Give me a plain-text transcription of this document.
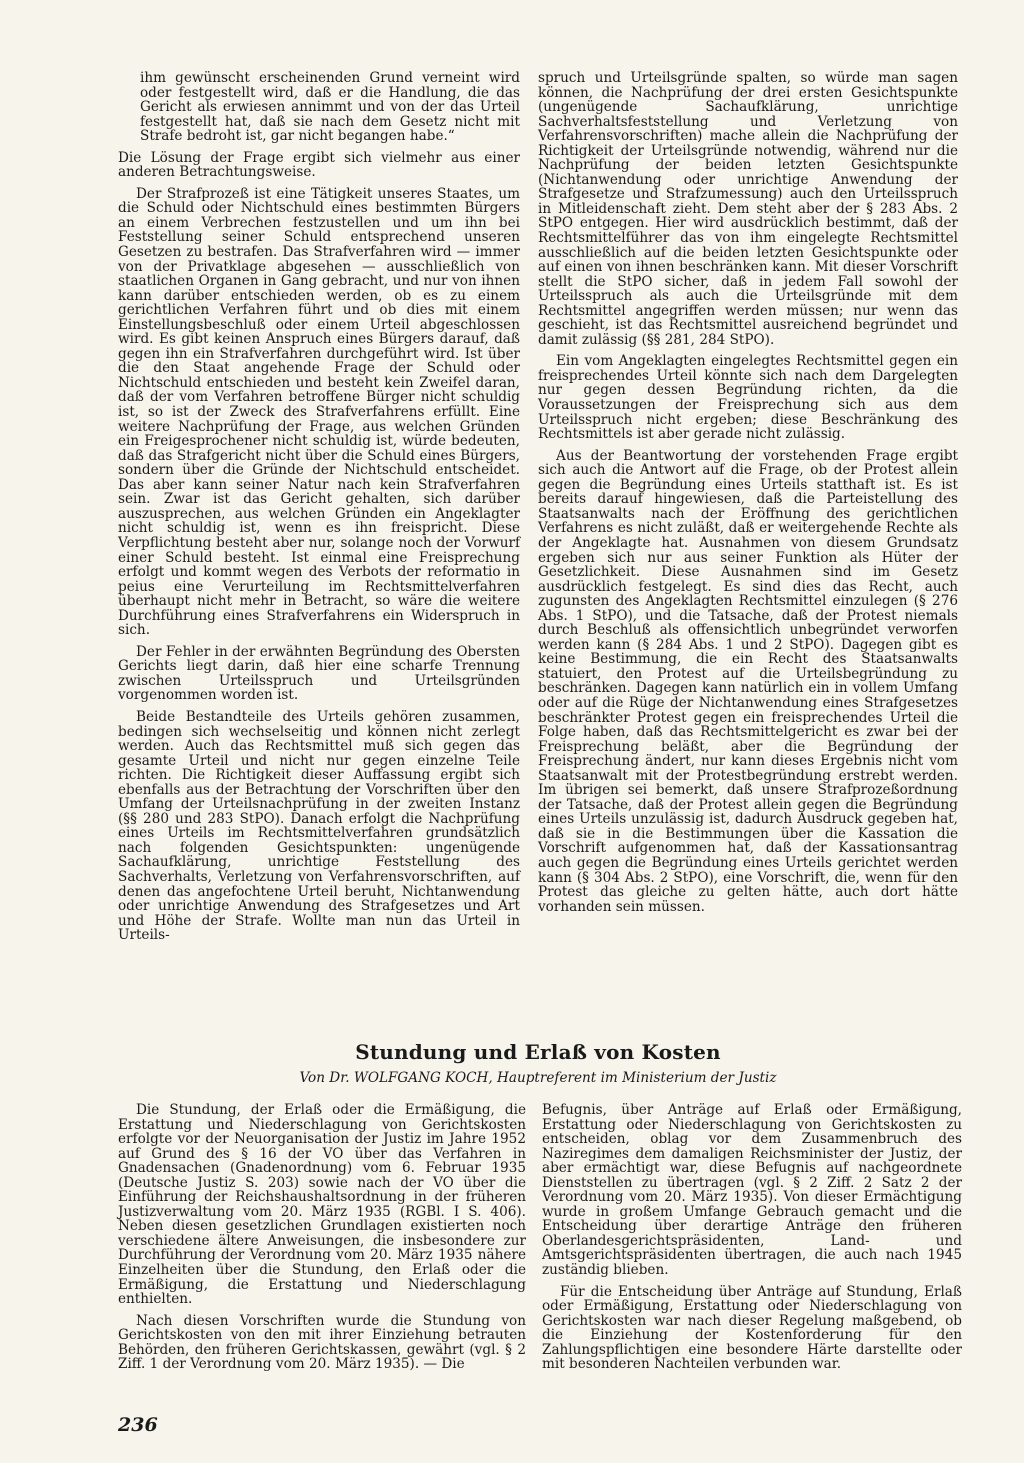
ihm gewünscht erscheinenden Grund verneint wird oder festgestellt wird, daß er die Handlung, die das Gericht als erwiesen annimmt und von der das Urteil festgestellt hat, daß sie nach dem Gesetz nicht mit Strafe bedroht ist, gar nicht begangen habe.“

Die Lösung der Frage ergibt sich vielmehr aus einer anderen Betrachtungsweise.

Der Strafprozeß ist eine Tätigkeit unseres Staates, um die Schuld oder Nichtschuld eines bestimmten Bürgers an einem Verbrechen festzustellen und um ihn bei Feststellung seiner Schuld entsprechend unseren Gesetzen zu bestrafen. Das Strafverfahren wird — immer von der Privatklage abgesehen — ausschließlich von staatlichen Organen in Gang gebracht, und nur von ihnen kann darüber entschieden werden, ob es zu einem gerichtlichen Verfahren führt und ob dies mit einem Einstellungsbeschluß oder einem Urteil abgeschlossen wird. Es gibt keinen Anspruch eines Bürgers darauf, daß gegen ihn ein Strafverfahren durchgeführt wird. Ist über die den Staat angehende Frage der Schuld oder Nichtschuld entschieden und besteht kein Zweifel daran, daß der vom Verfahren betroffene Bürger nicht schuldig ist, so ist der Zweck des Strafverfahrens erfüllt. Eine weitere Nachprüfung der Frage, aus welchen Gründen ein Freigesprochener nicht schuldig ist, würde bedeuten, daß das Strafgericht nicht über die Schuld eines Bürgers, sondern über die Gründe der Nichtschuld entscheidet. Das aber kann seiner Natur nach kein Strafverfahren sein. Zwar ist das Gericht gehalten, sich darüber auszusprechen, aus welchen Gründen ein Angeklagter nicht schuldig ist, wenn es ihn freispricht. Diese Verpflichtung besteht aber nur, solange noch der Vorwurf einer Schuld besteht. Ist einmal eine Freisprechung erfolgt und kommt wegen des Verbots der reformatio in peius eine Verurteilung im Rechtsmittelverfahren überhaupt nicht mehr in Betracht, so wäre die weitere Durchführung eines Strafverfahrens ein Widerspruch in sich.

Der Fehler in der erwähnten Begründung des Obersten Gerichts liegt darin, daß hier eine scharfe Trennung zwischen Urteilsspruch und Urteilsgründen vorgenommen worden ist.

Beide Bestandteile des Urteils gehören zusammen, bedingen sich wechselseitig und können nicht zerlegt werden. Auch das Rechtsmittel muß sich gegen das gesamte Urteil und nicht nur gegen einzelne Teile richten. Die Richtigkeit dieser Auffassung ergibt sich ebenfalls aus der Betrachtung der Vorschriften über den Umfang der Urteilsnachprüfung in der zweiten Instanz (§§ 280 und 283 StPO). Danach erfolgt die Nachprüfung eines Urteils im Rechtsmittelverfahren grundsätzlich nach folgenden Gesichtspunkten: ungenügende Sachaufklärung, unrichtige Feststellung des Sachverhalts, Verletzung von Verfahrensvorschriften, auf denen das angefochtene Urteil beruht, Nichtanwendung oder unrichtige Anwendung des Strafgesetzes und Art und Höhe der Strafe. Wollte man nun das Urteil in Urteils-

spruch und Urteilsgründe spalten, so würde man sagen können, die Nachprüfung der drei ersten Gesichtspunkte (ungenügende Sachaufklärung, unrichtige Sachverhaltsfeststellung und Verletzung von Verfahrensvorschriften) mache allein die Nachprüfung der Richtigkeit der Urteilsgründe notwendig, während nur die Nachprüfung der beiden letzten Gesichtspunkte (Nichtanwendung oder unrichtige Anwendung der Strafgesetze und Strafzumessung) auch den Urteilsspruch in Mitleidenschaft zieht. Dem steht aber der § 283 Abs. 2 StPO entgegen. Hier wird ausdrücklich bestimmt, daß der Rechtsmittelführer das von ihm eingelegte Rechtsmittel ausschließlich auf die beiden letzten Gesichtspunkte oder auf einen von ihnen beschränken kann. Mit dieser Vorschrift stellt die StPO sicher, daß in jedem Fall sowohl der Urteilsspruch als auch die Urteilsgründe mit dem Rechtsmittel angegriffen werden müssen; nur wenn das geschieht, ist das Rechtsmittel ausreichend begründet und damit zulässig (§§ 281, 284 StPO).

Ein vom Angeklagten eingelegtes Rechtsmittel gegen ein freisprechendes Urteil könnte sich nach dem Dargelegten nur gegen dessen Begründung richten, da die Voraussetzungen der Freisprechung sich aus dem Urteilsspruch nicht ergeben; diese Beschränkung des Rechtsmittels ist aber gerade nicht zulässig.

Aus der Beantwortung der vorstehenden Frage ergibt sich auch die Antwort auf die Frage, ob der Protest allein gegen die Begründung eines Urteils statthaft ist. Es ist bereits darauf hingewiesen, daß die Parteistellung des Staatsanwalts nach der Eröffnung des gerichtlichen Verfahrens es nicht zuläßt, daß er weitergehende Rechte als der Angeklagte hat. Ausnahmen von diesem Grundsatz ergeben sich nur aus seiner Funktion als Hüter der Gesetzlichkeit. Diese Ausnahmen sind im Gesetz ausdrücklich festgelegt. Es sind dies das Recht, auch zugunsten des Angeklagten Rechtsmittel einzulegen (§ 276 Abs. 1 StPO), und die Tatsache, daß der Protest niemals durch Beschluß als offensichtlich unbegründet verworfen werden kann (§ 284 Abs. 1 und 2 StPO). Dagegen gibt es keine Bestimmung, die ein Recht des Staatsanwalts statuiert, den Protest auf die Urteilsbegründung zu beschränken. Dagegen kann natürlich ein in vollem Umfang oder auf die Rüge der Nichtanwendung eines Strafgesetzes beschränkter Protest gegen ein freisprechendes Urteil die Folge haben, daß das Rechtsmittelgericht es zwar bei der Freisprechung beläßt, aber die Begründung der Freisprechung ändert, nur kann dieses Ergebnis nicht vom Staatsanwalt mit der Protestbegründung erstrebt werden. Im übrigen sei bemerkt, daß unsere Strafprozeßordnung der Tatsache, daß der Protest allein gegen die Begründung eines Urteils unzulässig ist, dadurch Ausdruck gegeben hat, daß sie in die Bestimmungen über die Kassation die Vorschrift aufgenommen hat, daß der Kassationsantrag auch gegen die Begründung eines Urteils gerichtet werden kann (§ 304 Abs. 2 StPO), eine Vorschrift, die, wenn für den Protest das gleiche zu gelten hätte, auch dort hätte vorhanden sein müssen.

Stundung und Erlaß von Kosten
Von Dr. WOLFGANG KOCH, Hauptreferent im Ministerium der Justiz

Die Stundung, der Erlaß oder die Ermäßigung, die Erstattung und Niederschlagung von Gerichtskosten erfolgte vor der Neuorganisation der Justiz im Jahre 1952 auf Grund des § 16 der VO über das Verfahren in Gnadensachen (Gnadenordnung) vom 6. Februar 1935 (Deutsche Justiz S. 203) sowie nach der VO über die Einführung der Reichshaushaltsordnung in der früheren Justizverwaltung vom 20. März 1935 (RGBl. I S. 406). Neben diesen gesetzlichen Grundlagen existierten noch verschiedene ältere Anweisungen, die insbesondere zur Durchführung der Verordnung vom 20. März 1935 nähere Einzelheiten über die Stundung, den Erlaß oder die Ermäßigung, die Erstattung und Niederschlagung enthielten.

Nach diesen Vorschriften wurde die Stundung von Gerichtskosten von den mit ihrer Einziehung betrauten Behörden, den früheren Gerichtskassen, gewährt (vgl. § 2 Ziff. 1 der Verordnung vom 20. März 1935). — Die

Befugnis, über Anträge auf Erlaß oder Ermäßigung, Erstattung oder Niederschlagung von Gerichtskosten zu entscheiden, oblag vor dem Zusammenbruch des Naziregimes dem damaligen Reichsminister der Justiz, der aber ermächtigt war, diese Befugnis auf nachgeordnete Dienststellen zu übertragen (vgl. § 2 Ziff. 2 Satz 2 der Verordnung vom 20. März 1935). Von dieser Ermächtigung wurde in großem Umfange Gebrauch gemacht und die Entscheidung über derartige Anträge den früheren Oberlandesgerichtspräsidenten, Land- und Amtsgerichtspräsidenten übertragen, die auch nach 1945 zuständig blieben.

Für die Entscheidung über Anträge auf Stundung, Erlaß oder Ermäßigung, Erstattung oder Niederschlagung von Gerichtskosten war nach dieser Regelung maßgebend, ob die Einziehung der Kostenforderung für den Zahlungspflichtigen eine besondere Härte darstellte oder mit besonderen Nachteilen verbunden war.

236
